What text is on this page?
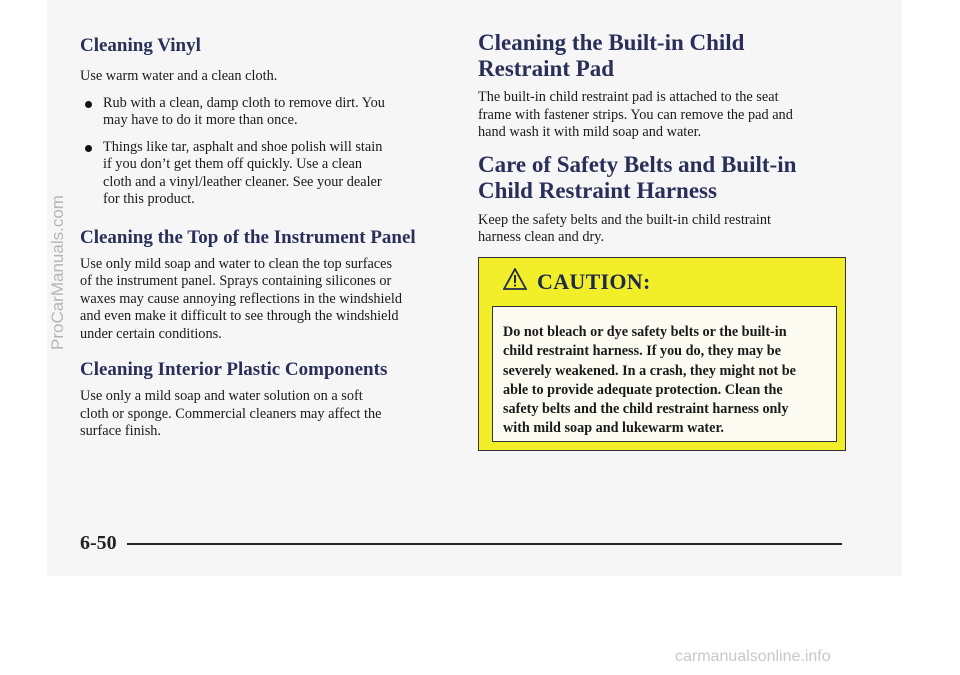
Cleaning Vinyl

Use warm water and a clean cloth.

Rub with a clean, damp cloth to remove dirt. You
may have to do it more than once.
Things like tar, asphalt and shoe polish will stain
if you don’t get them off quickly. Use a clean
cloth and a vinyl/leather cleaner. See your dealer
for this product.
Cleaning the Top of the Instrument Panel

Use only mild soap and water to clean the top surfaces
of the instrument panel. Sprays containing silicones or
waxes may cause annoying reflections in the windshield
and even make it difficult to see through the windshield
under certain conditions.

Cleaning Interior Plastic Components

Use only a mild soap and water solution on a soft
cloth or sponge. Commercial cleaners may affect the
surface finish.

Cleaning the Built-in Child
Restraint Pad

The built-in child restraint pad is attached to the seat
frame with fastener strips. You can remove the pad and
hand wash it with mild soap and water.

Care of Safety Belts and Built-in
Child Restraint Harness

Keep the safety belts and the built-in child restraint
harness clean and dry.

CAUTION:

Do not bleach or dye safety belts or the built-in
child restraint harness. If you do, they may be
severely weakened. In a crash, they might not be
able to provide adequate protection. Clean the
safety belts and the child restraint harness only
with mild soap and lukewarm water.

6-50
carmanualsonline.info
